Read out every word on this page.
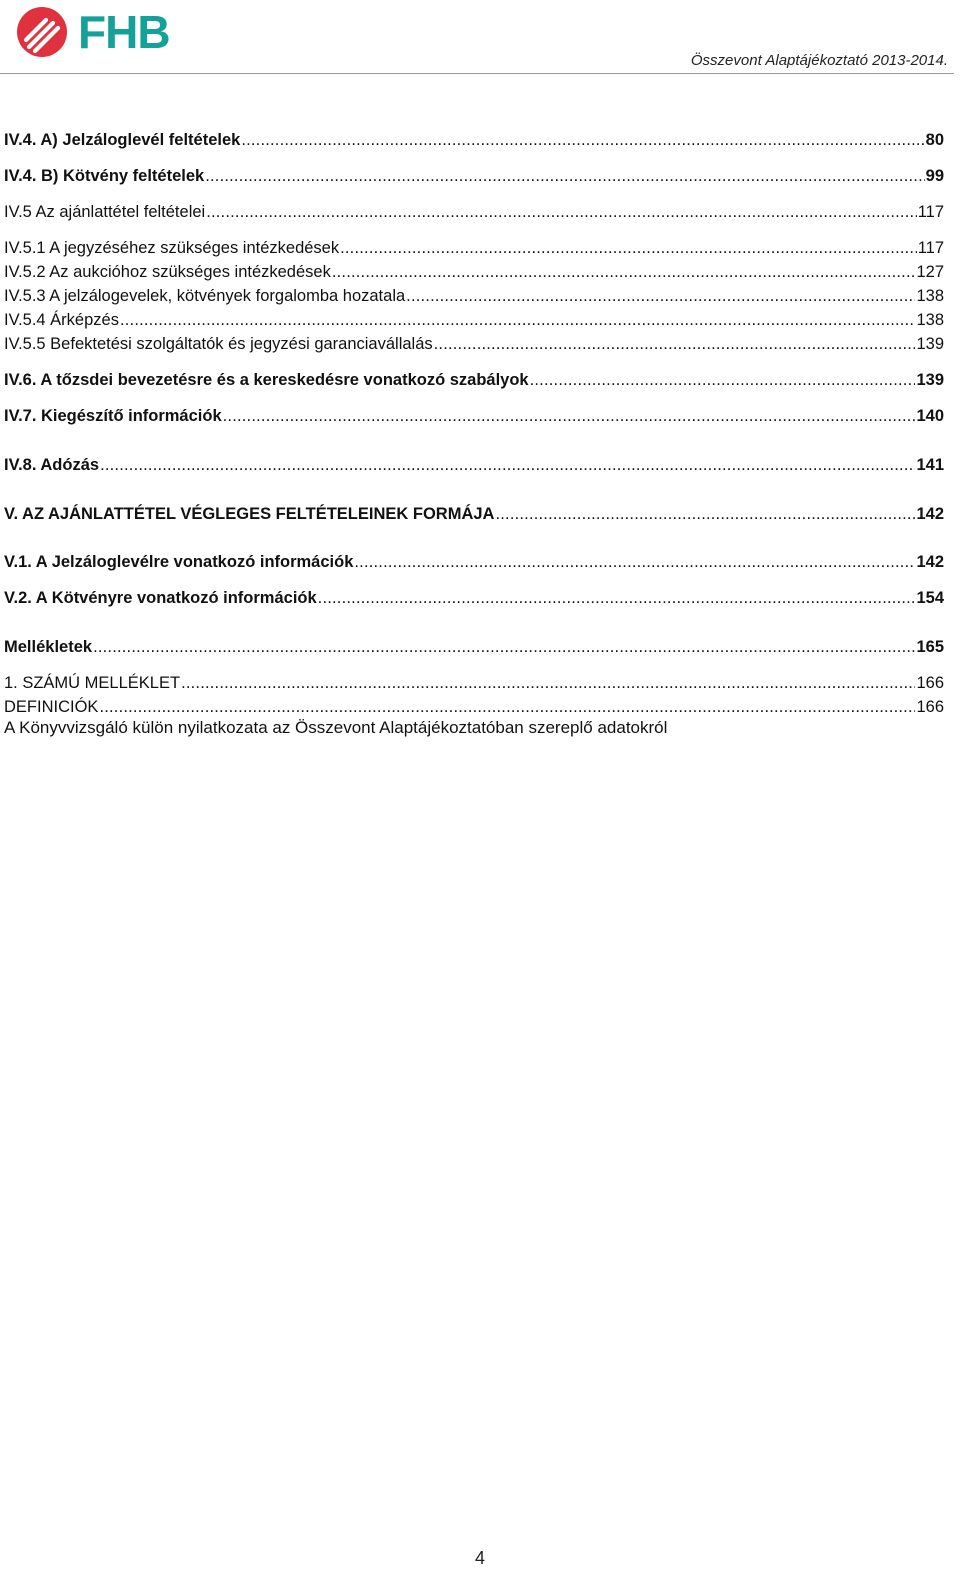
FHB
Összevont Alaptájékoztató 2013-2014.
IV.4. A) Jelzáloglevél feltételek .....	80
IV.4. B) Kötvény feltételek .....	99
IV.5 Az ajánlattétel feltételei .....	117
IV.5.1 A jegyzéséhez szükséges intézkedések .....	117
IV.5.2 Az aukcióhoz szükséges intézkedések .....	127
IV.5.3 A jelzálogevelek, kötvények forgalomba hozatala .....	138
IV.5.4 Árképzés .....	138
IV.5.5 Befektetési szolgáltatók és jegyzési garanciavállalás .....	139
IV.6. A tőzsdei bevezetésre és a kereskedésre vonatkozó szabályok .....	139
IV.7. Kiegészítő információk .....	140
IV.8. Adózás .....	141
V. AZ AJÁNLATTÉTEL VÉGLEGES FELTÉTELEINEK FORMÁJA .....	142
V.1. A Jelzáloglevélre vonatkozó információk .....	142
V.2. A Kötvényre vonatkozó információk .....	154
Mellékletek .....	165
1. SZÁMÚ MELLÉKLET .....	166
DEFINICIÓK .....	166
A Könyvvizsgáló külön nyilatkozata az Összevont Alaptájékoztatóban szereplő adatokról
4
